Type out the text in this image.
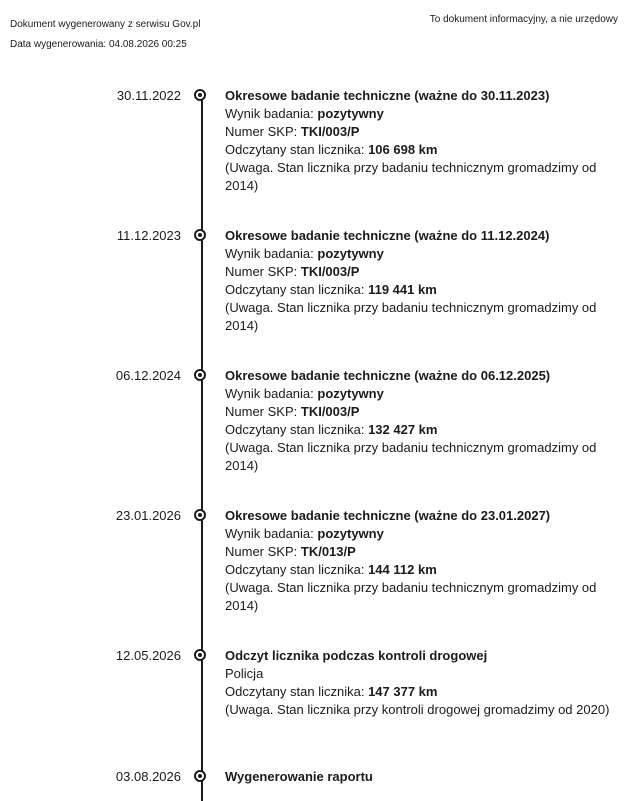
Dokument wygenerowany z serwisu Gov.pl
Data wygenerowania: 04.08.2026 00:25
To dokument informacyjny, a nie urzędowy
30.11.2022	Okresowe badanie techniczne (ważne do 30.11.2023)
Wynik badania: pozytywny
Numer SKP: TKI/003/P
Odczytany stan licznika: 106 698 km
(Uwaga. Stan licznika przy badaniu technicznym gromadzimy od 2014)
11.12.2023	Okresowe badanie techniczne (ważne do 11.12.2024)
Wynik badania: pozytywny
Numer SKP: TKI/003/P
Odczytany stan licznika: 119 441 km
(Uwaga. Stan licznika przy badaniu technicznym gromadzimy od 2014)
06.12.2024	Okresowe badanie techniczne (ważne do 06.12.2025)
Wynik badania: pozytywny
Numer SKP: TKI/003/P
Odczytany stan licznika: 132 427 km
(Uwaga. Stan licznika przy badaniu technicznym gromadzimy od 2014)
23.01.2026	Okresowe badanie techniczne (ważne do 23.01.2027)
Wynik badania: pozytywny
Numer SKP: TK/013/P
Odczytany stan licznika: 144 112 km
(Uwaga. Stan licznika przy badaniu technicznym gromadzimy od 2014)
12.05.2026	Odczyt licznika podczas kontroli drogowej
Policja
Odczytany stan licznika: 147 377 km
(Uwaga. Stan licznika przy kontroli drogowej gromadzimy od 2020)
03.08.2026	Wygenerowanie raportu
